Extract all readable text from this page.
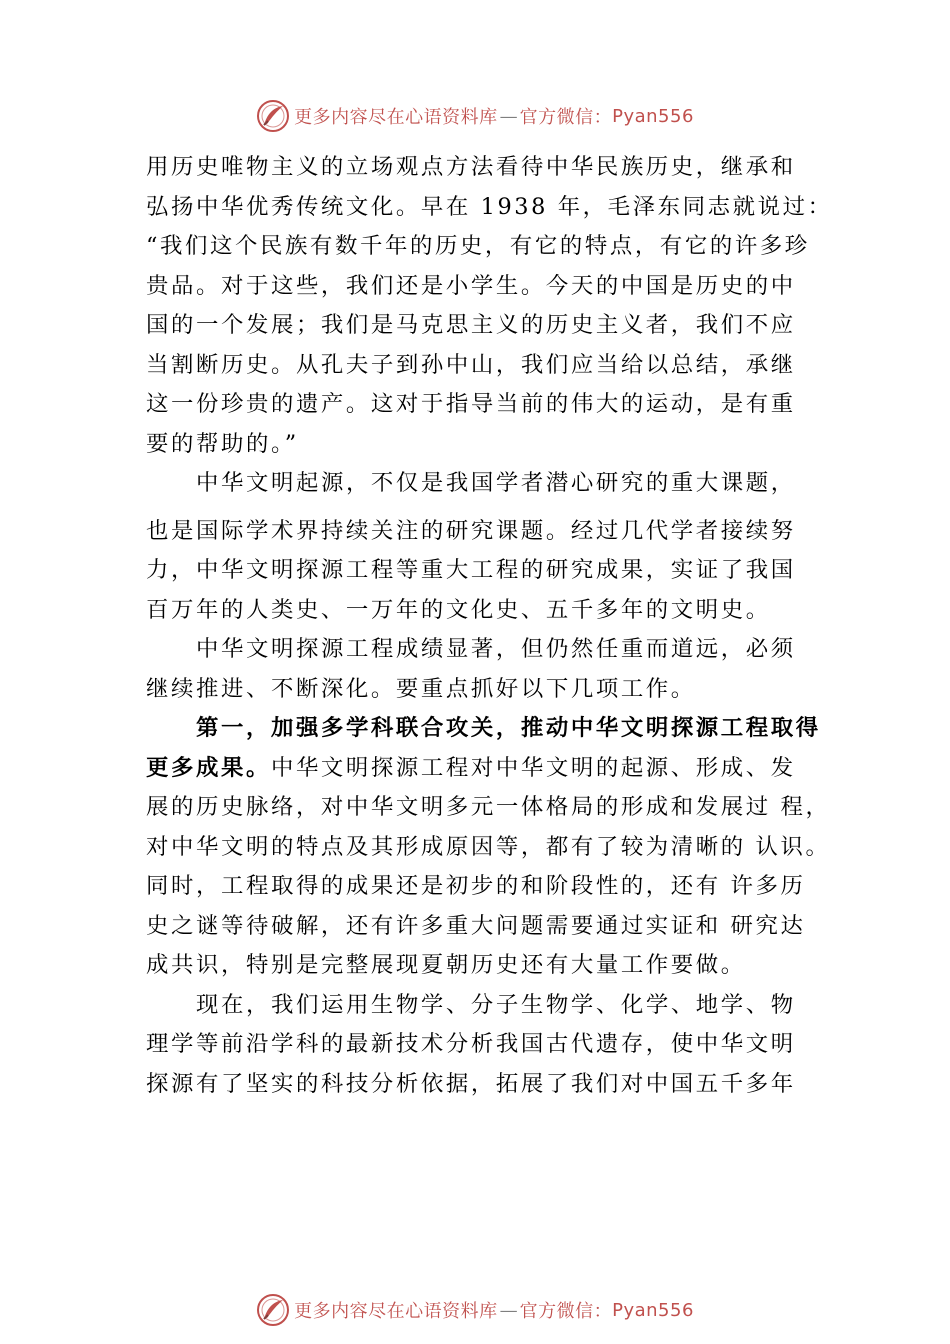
更多内容尽在心语资料库 — 官方微信： Pyan556
用历史唯物主义的立场观点方法看待中华民族历史，继承和
弘扬中华优秀传统文化。早在 1938 年，毛泽东同志就说过：
“我们这个民族有数千年的历史，有它的特点，有它的许多珍
贵品。对于这些，我们还是小学生。今天的中国是历史的中
国的一个发展；我们是马克思主义的历史主义者，我们不应
当割断历史。从孔夫子到孙中山，我们应当给以总结，承继
这一份珍贵的遗产。这对于指导当前的伟大的运动，是有重
要的帮助的。”
中华文明起源，不仅是我国学者潜心研究的重大课题，
也是国际学术界持续关注的研究课题。经过几代学者接续努
力，中华文明探源工程等重大工程的研究成果，实证了我国
百万年的人类史、一万年的文化史、五千多年的文明史。
中华文明探源工程成绩显著，但仍然任重而道远，必须
继续推进、不断深化。要重点抓好以下几项工作。
第一，加强多学科联合攻关，推动中华文明探源工程取得
更多成果。中华文明探源工程对中华文明的起源、形成、发
展的历史脉络，对中华文明多元一体格局的形成和发展过 程，
对中华文明的特点及其形成原因等，都有了较为清晰的 认识。
同时，工程取得的成果还是初步的和阶段性的，还有 许多历
史之谜等待破解，还有许多重大问题需要通过实证和 研究达
成共识，特别是完整展现夏朝历史还有大量工作要做。
现在，我们运用生物学、分子生物学、化学、地学、物
理学等前沿学科的最新技术分析我国古代遗存，使中华文明
探源有了坚实的科技分析依据，拓展了我们对中国五千多年
更多内容尽在心语资料库 — 官方微信： Pyan556
